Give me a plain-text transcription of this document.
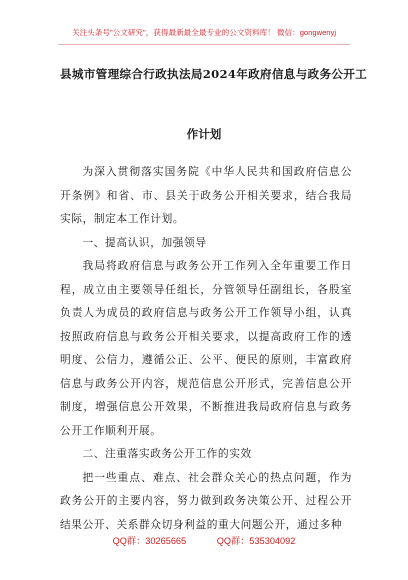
关注头条号"公文研究"，获得最新最全最专业的公文资料库！ 微信：gongwenyj
县城市管理综合行政执法局2024年政府信息与政务公开工
作计划

为深入贯彻落实国务院《中华人民共和国政府信息公开条例》和省、市、县关于政务公开相关要求，结合我局实际，制定本工作计划。

一、提高认识，加强领导

我局将政府信息与政务公开工作列入全年重要工作日程，成立由主要领导任组长，分管领导任副组长，各股室负责人为成员的政府信息与政务公开工作领导小组，认真按照政府信息与政务公开相关要求，以提高政府工作的透明度、公信力，遵循公正、公平、便民的原则，丰富政府信息与政务公开内容，规范信息公开形式，完善信息公开制度，增强信息公开效果，不断推进我局政府信息与政务公开工作顺利开展。

二、注重落实政务公开工作的实效

把一些重点、难点、社会群众关心的热点问题，作为政务公开的主要内容，努力做到政务决策公开、过程公开结果公开、关系群众切身利益的重大问题公开，通过多种

QQ群：30265665	QQ群：535304092
